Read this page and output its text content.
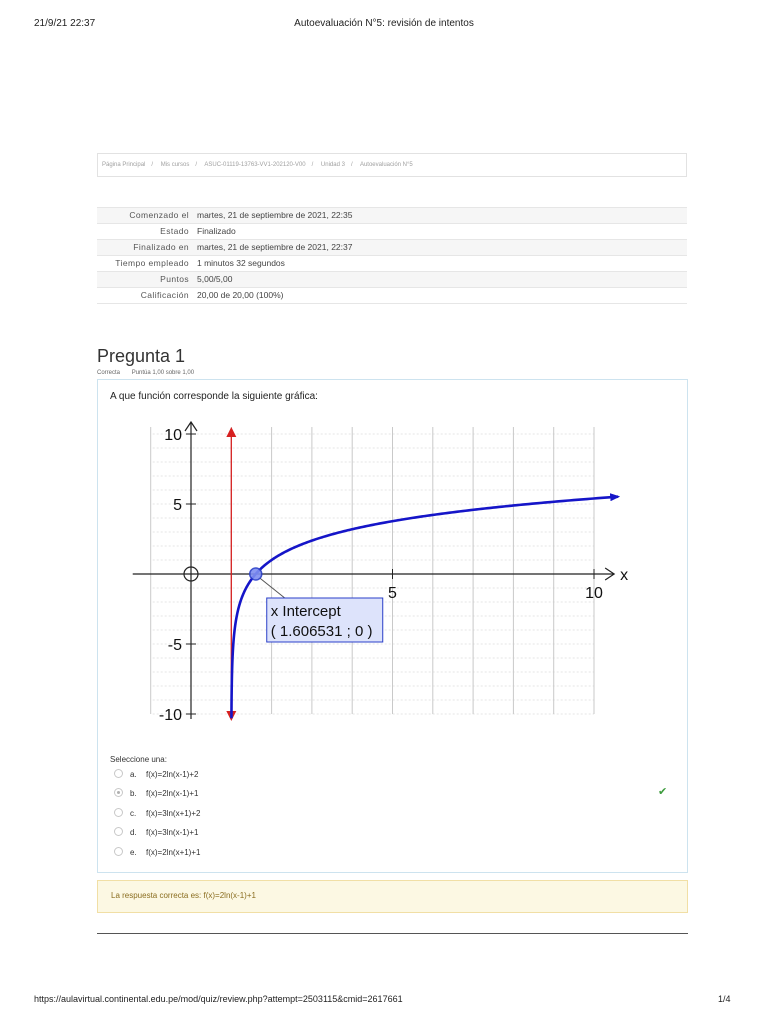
21/9/21 22:37	Autoevaluación N°5: revisión de intentos
Página Principal / Mis cursos / ASUC-01119-13763-VV1-202120-V00 / Unidad 3 / Autoevaluación N°5
Comenzado el	martes, 21 de septiembre de 2021, 22:35
Estado	Finalizado
Finalizado en	martes, 21 de septiembre de 2021, 22:37
Tiempo empleado	1 minutos 32 segundos
Puntos	5,00/5,00
Calificación	20,00 de 20,00 (100%)
Pregunta 1
Correcta Puntúa 1,00 sobre 1,00
A que función corresponde la siguiente gráfica:
10
5
-5
-10
5	10
x
x Intercept
( 1.606531 ; 0 )
Seleccione una:
a. f(x)=2ln(x-1)+2
b. f(x)=2ln(x-1)+1
c. f(x)=3ln(x+1)+2
d. f(x)=3ln(x-1)+1
e. f(x)=2ln(x+1)+1
✔
La respuesta correcta es: f(x)=2ln(x-1)+1
https://aulavirtual.continental.edu.pe/mod/quiz/review.php?attempt=2503115&cmid=2617661	1/4
